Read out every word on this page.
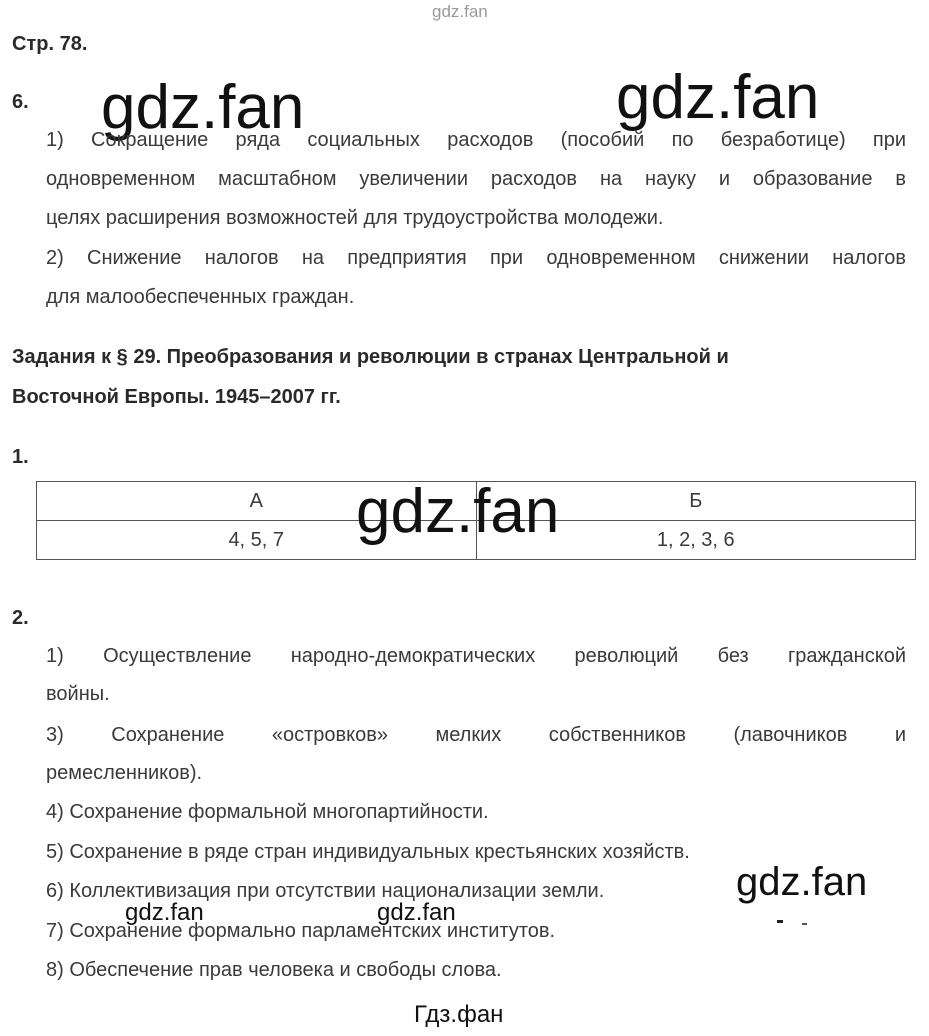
gdz.fan
Стр. 78.
6. gdz.fan	gdz.fan
1) Сокращение ряда социальных расходов (пособий по безработице) при
одновременном масштабном увеличении расходов на науку и образование в
целях расширения возможностей для трудоустройства молодежи.
2) Снижение налогов на предприятия при одновременном снижении налогов
для малообеспеченных граждан.
Задания к § 29. Преобразования и революции в странах Центральной и
Восточной Европы. 1945–2007 гг.
1.
А	Б
4, 5, 7	1, 2, 3, 6
gdz.fan
2.
1) Осуществление народно-демократических революций без гражданской
войны.
3) Сохранение «островков» мелких собственников (лавочников и
ремесленников).
4) Сохранение формальной многопартийности.
5) Сохранение в ряде стран индивидуальных крестьянских хозяйств.
6) Коллективизация при отсутствии национализации земли.
7) Сохранение формально парламентских институтов.
8) Обеспечение прав человека и свободы слова.
gdz.fan
gdz.fan	gdz.fan
Гдз.фан
